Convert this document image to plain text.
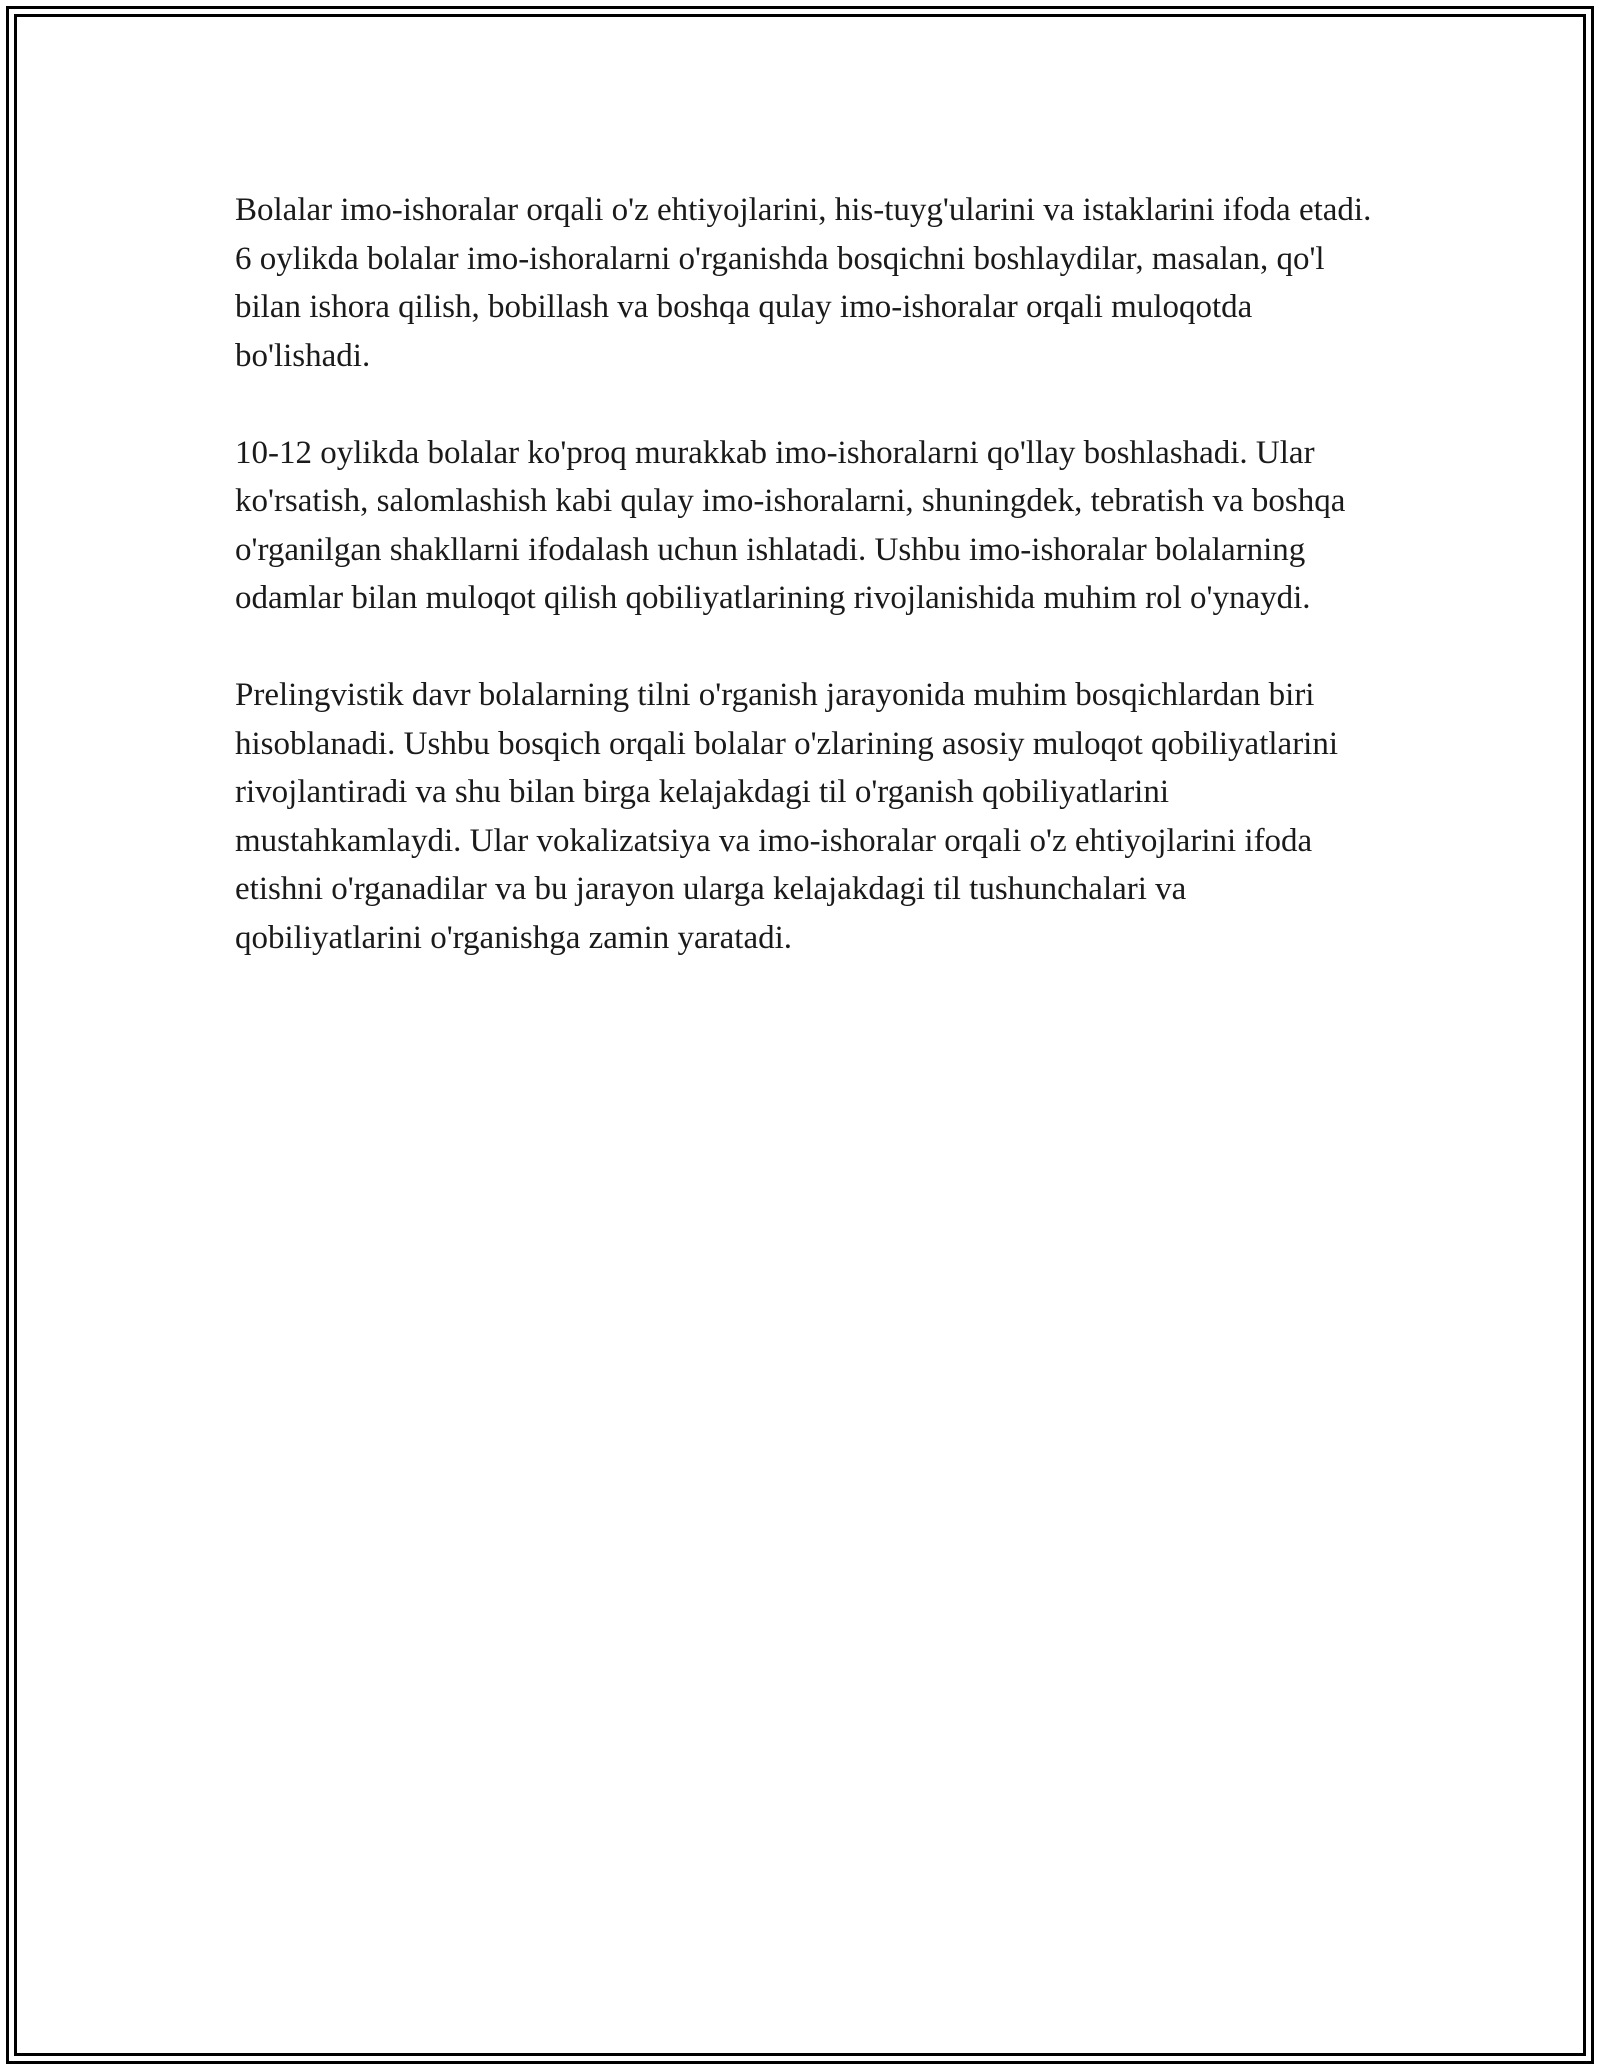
Bolalar imo-ishoralar orqali o'z ehtiyojlarini, his-tuyg'ularini va istaklarini ifoda etadi. 6 oylikda bolalar imo-ishoralarni o'rganishda bosqichni boshlaydilar, masalan, qo'l bilan ishora qilish, bobillash va boshqa qulay imo-ishoralar orqali muloqotda bo'lishadi.

10-12 oylikda bolalar ko'proq murakkab imo-ishoralarni qo'llay boshlashadi. Ular ko'rsatish, salomlashish kabi qulay imo-ishoralarni, shuningdek, tebratish va boshqa o'rganilgan shakllarni ifodalash uchun ishlatadi. Ushbu imo-ishoralar bolalarning odamlar bilan muloqot qilish qobiliyatlarining rivojlanishida muhim rol o'ynaydi.

Prelingvistik davr bolalarning tilni o'rganish jarayonida muhim bosqichlardan biri hisoblanadi. Ushbu bosqich orqali bolalar o'zlarining asosiy muloqot qobiliyatlarini rivojlantiradi va shu bilan birga kelajakdagi til o'rganish qobiliyatlarini mustahkamlaydi. Ular vokalizatsiya va imo-ishoralar orqali o'z ehtiyojlarini ifoda etishni o'rganadilar va bu jarayon ularga kelajakdagi til tushunchalari va qobiliyatlarini o'rganishga zamin yaratadi.
